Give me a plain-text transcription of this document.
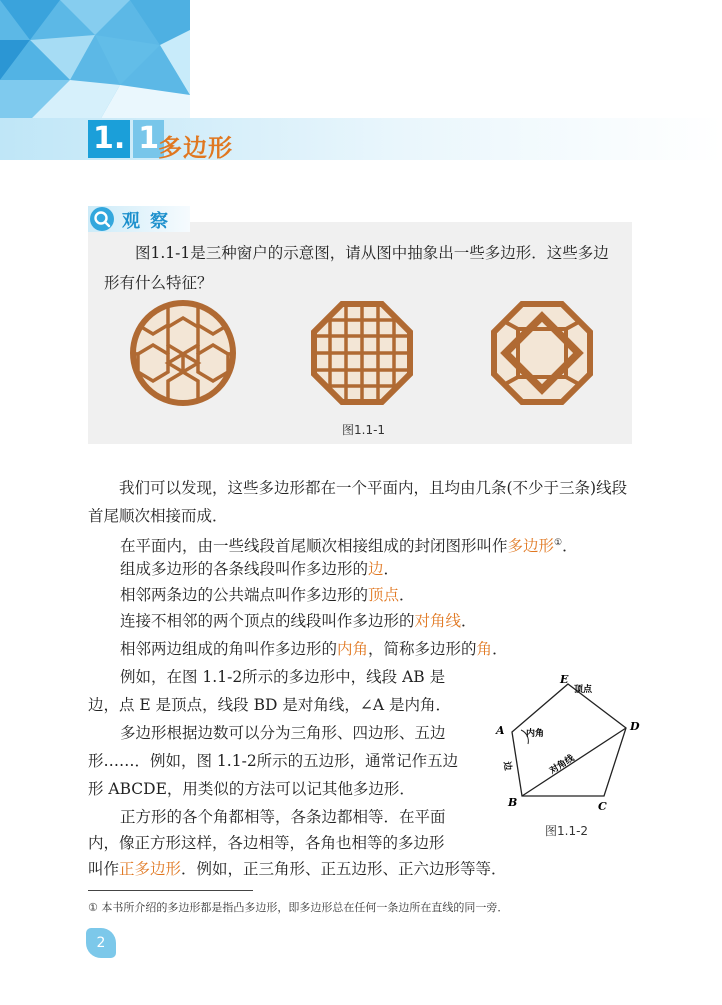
1. 1
多边形
观察
图1.1-1是三种窗户的示意图，请从图中抽象出一些多边形．这些多边形有什么特征？
图1.1-1
我们可以发现，这些多边形都在一个平面内，且均由几条(不少于三条)线段首尾顺次相接而成．
在平面内，由一些线段首尾顺次相接组成的封闭图形叫作多边形①．
组成多边形的各条线段叫作多边形的边．
相邻两条边的公共端点叫作多边形的顶点．
连接不相邻的两个顶点的线段叫作多边形的对角线．
相邻两边组成的角叫作多边形的内角，简称多边形的角．
例如，在图 1.1-2所示的多边形中，线段 AB 是
边，点 E 是顶点，线段 BD 是对角线，∠A 是内角．
多边形根据边数可以分为三角形、四边形、五边
形……．例如，图 1.1-2所示的五边形，通常记作五边
形 ABCDE，用类似的方法可以记其他多边形．
正方形的各个角都相等，各条边都相等．在平面
内，像正方形这样，各边相等，各角也相等的多边形
叫作正多边形．例如，正三角形、正五边形、正六边形等等．
E
D
C
B
A
顶点
内角
对角线
边
图1.1-2
① 本书所介绍的多边形都是指凸多边形，即多边形总在任何一条边所在直线的同一旁．
2
